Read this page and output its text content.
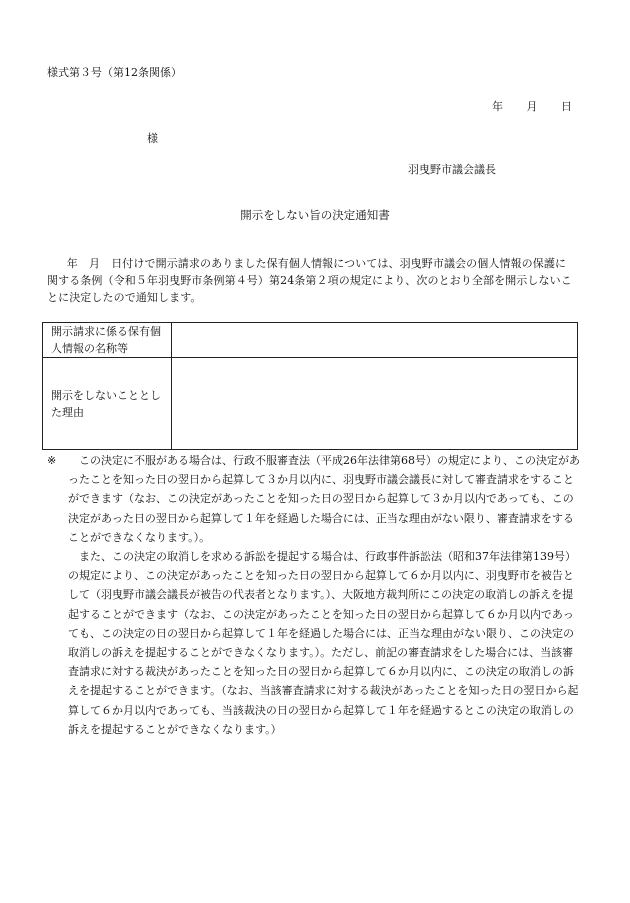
様式第３号（第12条関係）
年 月 日
様
羽曳野市議会議長
開示をしない旨の決定通知書
年　月　日付けで開示請求のありました保有個人情報については、羽曳野市議会の個人情報の保護に関する条例（令和５年羽曳野市条例第４号）第24条第２項の規定により、次のとおり全部を開示しないことに決定したので通知します。
開示請求に係る保有個人情報の名称等	
開示をしないこととした理由	
※	この決定に不服がある場合は、行政不服審査法（平成26年法律第68号）の規定により、この決定があったことを知った日の翌日から起算して３か月以内に、羽曳野市議会議長に対して審査請求をすることができます（なお、この決定があったことを知った日の翌日から起算して３か月以内であっても、この決定があった日の翌日から起算して１年を経過した場合には、正当な理由がない限り、審査請求をすることができなくなります。）。

また、この決定の取消しを求める訴訟を提起する場合は、行政事件訴訟法（昭和37年法律第139号）の規定により、この決定があったことを知った日の翌日から起算して６か月以内に、羽曳野市を被告として（羽曳野市議会議長が被告の代表者となります。）、大阪地方裁判所にこの決定の取消しの訴えを提起することができます（なお、この決定があったことを知った日の翌日から起算して６か月以内であっても、この決定の日の翌日から起算して１年を経過した場合には、正当な理由がない限り、この決定の取消しの訴えを提起することができなくなります。）。ただし、前記の審査請求をした場合には、当該審査請求に対する裁決があったことを知った日の翌日から起算して６か月以内に、この決定の取消しの訴えを提起することができます。（なお、当該審査請求に対する裁決があったことを知った日の翌日から起算して６か月以内であっても、当該裁決の日の翌日から起算して１年を経過するとこの決定の取消しの訴えを提起することができなくなります。）
